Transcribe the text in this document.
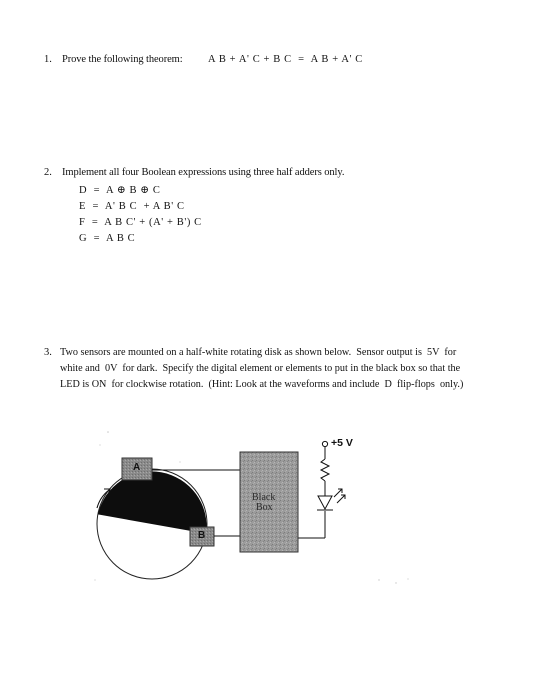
1. Prove the following theorem: A B + A' C + B C  =  A B + A' C
2. Implement all four Boolean expressions using three half adders only.
D  =  A ⊕ B ⊕ C
E  =  A' B C  + A B' C
F  =  A B C' + (A' + B') C
G  =  A B C
3. Two sensors are mounted on a half-white rotating disk as shown below.  Sensor output is  5V  for
white and  0V  for dark.  Specify the digital element or elements to put in the black box so that the
LED is ON  for clockwise rotation.  (Hint: Look at the waveforms and include  D  flip-flops  only.)
A
B
Black
Box
+5 V
